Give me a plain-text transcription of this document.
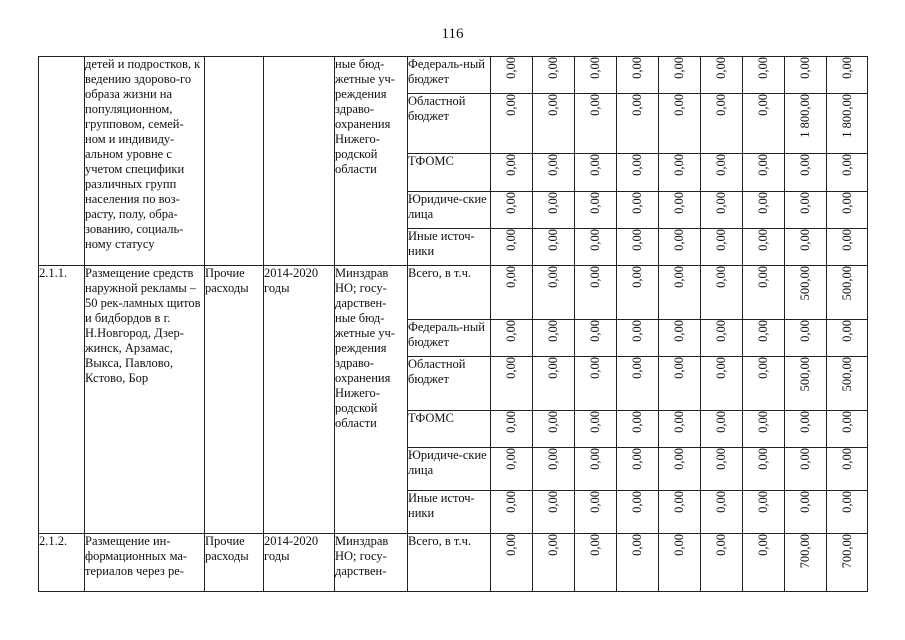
116
	детей и подростков, к ведению здорово-го образа жизни на популяционном, групповом, семей-ном и индивиду-альном уровне с учетом специфики различных групп населения по воз-расту, полу, обра-зованию, социаль-ному статусу			ные бюд-жетные уч-реждения здраво-охранения Нижего-родской области	Федераль-ный бюджет	0,00	0,00	0,00	0,00	0,00	0,00	0,00	0,00	0,00
					Областной бюджет	0,00	0,00	0,00	0,00	0,00	0,00	0,00	1 800,00	1 800,00
					ТФОМС	0,00	0,00	0,00	0,00	0,00	0,00	0,00	0,00	0,00
					Юридиче-ские лица	0,00	0,00	0,00	0,00	0,00	0,00	0,00	0,00	0,00
					Иные источ-ники	0,00	0,00	0,00	0,00	0,00	0,00	0,00	0,00	0,00
2.1.1.	Размещение средств наружной рекламы – 50 рек-ламных щитов и бидбордов в г. Н.Новгород, Дзер-жинск, Арзамас, Выкса, Павлово, Кстово, Бор	Прочие расходы	2014-2020 годы	Минздрав НО; госу-дарствен-ные бюд-жетные уч-реждения здраво-охранения Нижего-родской области	Всего, в т.ч.	0,00	0,00	0,00	0,00	0,00	0,00	0,00	500,00	500,00
					Федераль-ный бюджет	0,00	0,00	0,00	0,00	0,00	0,00	0,00	0,00	0,00
					Областной бюджет	0,00	0,00	0,00	0,00	0,00	0,00	0,00	500,00	500,00
					ТФОМС	0,00	0,00	0,00	0,00	0,00	0,00	0,00	0,00	0,00
					Юридиче-ские лица	0,00	0,00	0,00	0,00	0,00	0,00	0,00	0,00	0,00
					Иные источ-ники	0,00	0,00	0,00	0,00	0,00	0,00	0,00	0,00	0,00
2.1.2.	Размещение ин-формационных ма-териалов через ре-	Прочие расходы	2014-2020 годы	Минздрав НО; госу-дарствен-	Всего, в т.ч.	0,00	0,00	0,00	0,00	0,00	0,00	0,00	700,00	700,00
